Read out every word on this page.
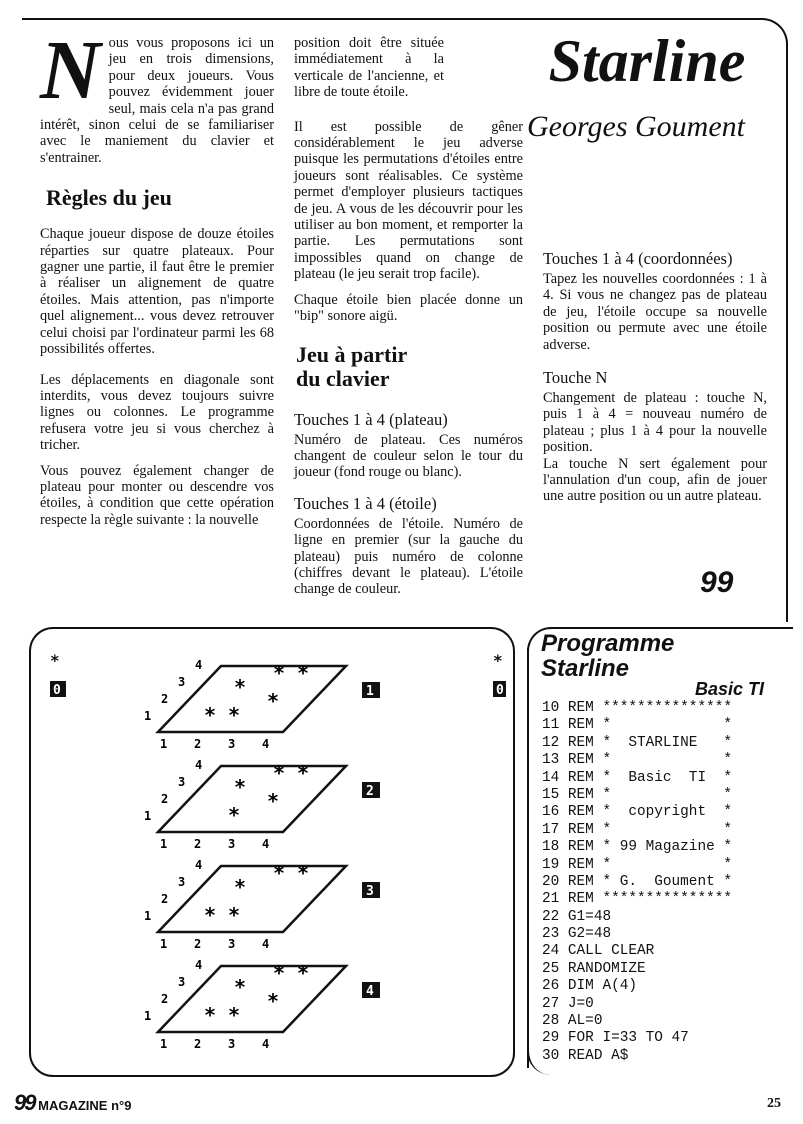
Starline
Georges Goument

N ous vous proposons ici un jeu en trois dimensions, pour deux joueurs. Vous pouvez évidemment jouer seul, mais cela n'a pas grand intérêt, sinon celui de se familiariser avec le maniement du clavier et s'entrainer.

Règles du jeu

Chaque joueur dispose de douze étoiles réparties sur quatre plateaux. Pour gagner une partie, il faut être le premier à réaliser un alignement de quatre étoiles. Mais attention, pas n'importe quel alignement... vous devez retrouver celui choisi par l'ordinateur parmi les 68 possibilités offertes.

Les déplacements en diagonale sont interdits, vous devez toujours suivre lignes ou colonnes. Le programme refusera votre jeu si vous cherchez à tricher.

Vous pouvez également changer de plateau pour monter ou descendre vos étoiles, à condition que cette opération respecte la règle suivante : la nouvelle

position doit être située immédiatement à la verticale de l'ancienne, et libre de toute étoile.

Il est possible de gêner considérablement le jeu adverse puisque les permutations d'étoiles entre joueurs sont réalisables. Ce système permet d'employer plusieurs tactiques de jeu. A vous de les découvrir pour les utiliser au bon moment, et remporter la partie. Les permutations sont impossibles quand on change de plateau (le jeu serait trop facile).

Chaque étoile bien placée donne un "bip" sonore aigü.

Jeu à partir
du clavier
Touches 1 à 4 (plateau)

Numéro de plateau. Ces numéros changent de couleur selon le tour du joueur (fond rouge ou blanc).

Touches 1 à 4 (étoile)

Coordonnées de l'étoile. Numéro de ligne en premier (sur la gauche du plateau) puis numéro de colonne (chiffres devant le plateau). L'étoile change de couleur.

Touches 1 à 4 (coordonnées)

Tapez les nouvelles coordonnées : 1 à 4. Si vous ne changez pas de plateau de jeu, l'étoile occupe sa nouvelle position ou permute avec une étoile adverse.

Touche N

Changement de plateau : touche N, puis 1 à 4 = nouveau numéro de plateau ; plus 1 à 4 pour la nouvelle position.

La touche N sert également pour l'annulation d'un coup, afin de jouer une autre position ou un autre plateau.

99
*
0
*
0
1
2
3
4
1 2 3 4
* *
*
*
* *
1
1
2
3
4
1 2 3 4
* *
*
*
*
2
1
2
3
4
1 2 3 4
* *
*
* *
3
1
2
3
4
1 2 3 4
* *
*
*
* *
4
Programme
Starline
Basic TI
10 REM ***************
11 REM *             *
12 REM *  STARLINE   *
13 REM *             *
14 REM *  Basic  TI  *
15 REM *             *
16 REM *  copyright  *
17 REM *             *
18 REM * 99 Magazine *
19 REM *             *
20 REM * G.  Goument *
21 REM ***************
22 G1=48
23 G2=48
24 CALL CLEAR
25 RANDOMIZE
26 DIM A(4)
27 J=0
28 AL=0
29 FOR I=33 TO 47
30 READ A$
99 MAGAZINE n°9	25
